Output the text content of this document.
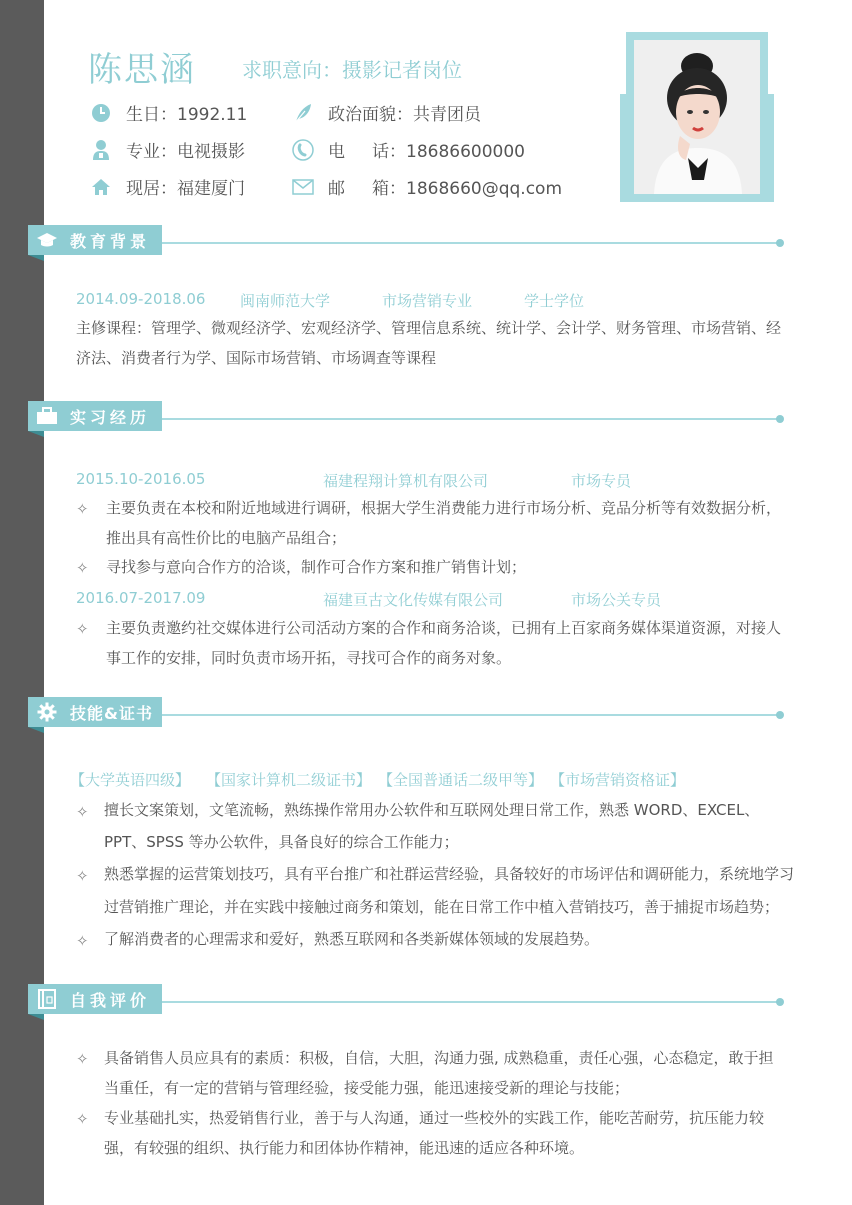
陈思涵 求职意向：摄影记者岗位
生日：1992.11	政治面貌：共青团员
专业：电视摄影	电 话：18686600000
现居：福建厦门	邮 箱：1868660@qq.com
教育背景
2014.09-2018.06 闽南师范大学	市场营销专业	学士学位
主修课程：管理学、微观经济学、宏观经济学、管理信息系统、统计学、会计学、财务管理、市场营销、经
济法、消费者行为学、国际市场营销、市场调查等课程
实习经历
2015.10-2016.05	福建程翔计算机有限公司	市场专员
✧ 主要负责在本校和附近地域进行调研，根据大学生消费能力进行市场分析、竞品分析等有效数据分析，
推出具有高性价比的电脑产品组合；
✧ 寻找参与意向合作方的洽谈，制作可合作方案和推广销售计划；
2016.07-2017.09	福建亘古文化传媒有限公司	市场公关专员
✧ 主要负责邀约社交媒体进行公司活动方案的合作和商务洽谈，已拥有上百家商务媒体渠道资源，对接人
事工作的安排，同时负责市场开拓，寻找可合作的商务对象。
技能&证书
【大学英语四级】 【国家计算机二级证书】 【全国普通话二级甲等】 【市场营销资格证】
✧ 擅长文案策划，文笔流畅，熟练操作常用办公软件和互联网处理日常工作，熟悉 WORD、EXCEL、
PPT、SPSS 等办公软件，具备良好的综合工作能力；
✧ 熟悉掌握的运营策划技巧，具有平台推广和社群运营经验，具备较好的市场评估和调研能力，系统地学习
过营销推广理论，并在实践中接触过商务和策划，能在日常工作中植入营销技巧，善于捕捉市场趋势；
✧ 了解消费者的心理需求和爱好，熟悉互联网和各类新媒体领域的发展趋势。
自我评价
✧ 具备销售人员应具有的素质：积极，自信，大胆，沟通力强, 成熟稳重，责任心强，心态稳定，敢于担
当重任，有一定的营销与管理经验，接受能力强，能迅速接受新的理论与技能；
✧ 专业基础扎实，热爱销售行业，善于与人沟通，通过一些校外的实践工作，能吃苦耐劳，抗压能力较
强，有较强的组织、执行能力和团体协作精神，能迅速的适应各种环境。
